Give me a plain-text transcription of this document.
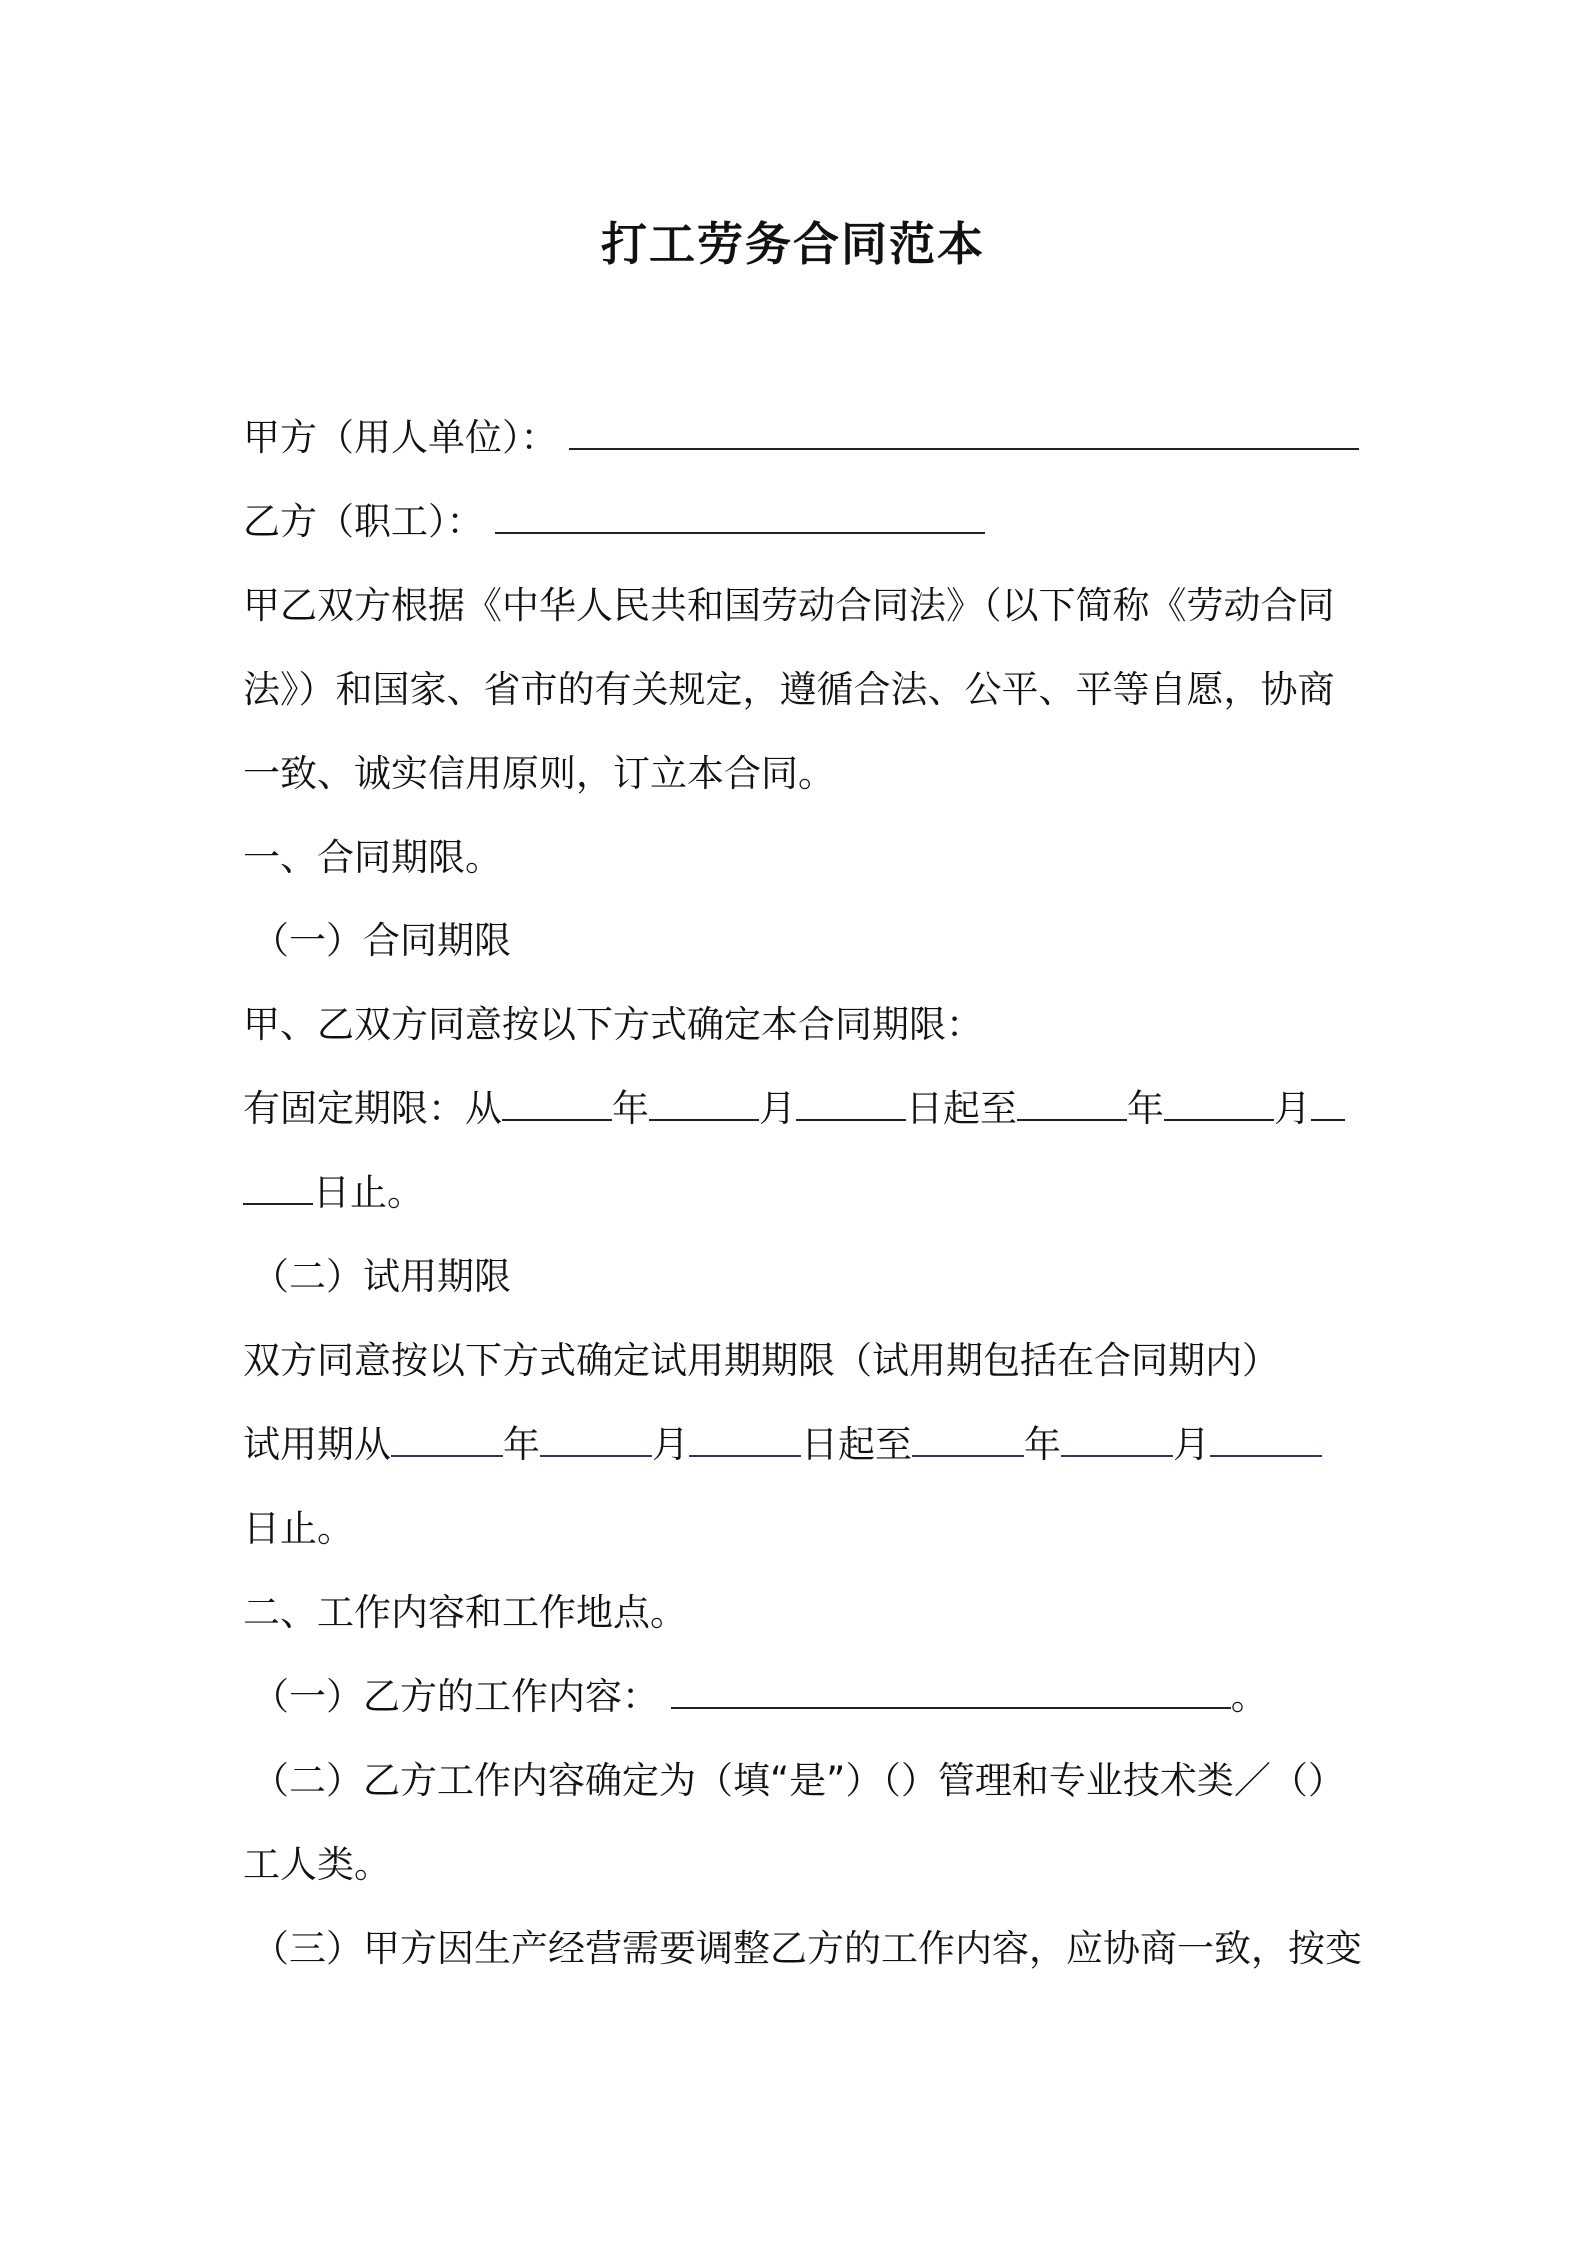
打工劳务合同范本
甲方（用人单位）：
乙方（职工）：
甲乙双方根据《中华人民共和国劳动合同法》（以下简称《劳动合同
法》）和国家、省市的有关规定，遵循合法、公平、平等自愿，协商
一致、诚实信用原则，订立本合同。
一、合同期限。
（一）合同期限
甲、乙双方同意按以下方式确定本合同期限：
有固定期限：从	年	月	日起至	年	月
日止。
（二）试用期限
双方同意按以下方式确定试用期期限（试用期包括在合同期内）
试用期从	年	月	日起至	年	月
日止。
二、工作内容和工作地点。
（一）乙方的工作内容：	。
（二）乙方工作内容确定为（填“是”）（）管理和专业技术类／（）
工人类。
（三）甲方因生产经营需要调整乙方的工作内容，应协商一致，按变
